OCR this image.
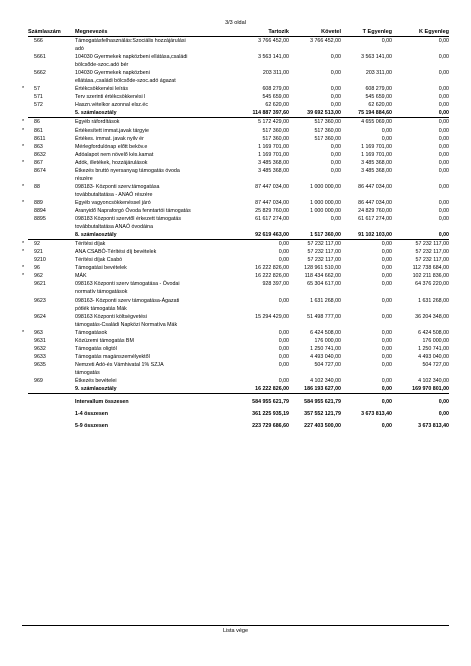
3/3 oldal
Számlaszám	Megnevezés	Tartozik	Követel	T Egyenleg	K Egyenleg
566	Támogatásfelhasználás:Szociális hozzájárulási
adó
3 766 452,00	3 766 452,00	0,00	0,00
5661	104030 Gyermekek napközbeni ellátása,családi
bölcsőde-szoc.adó bér
3 563 141,00	0,00	3 563 141,00	0,00
5662	104030 Gyermekek napközbeni
ellátása.,családi bölcsőde-szoc.adó ágazat
203 311,00	0,00	203 311,00	0,00
* 57	Értékcsökkenési leírás	608 279,00	0,00	608 279,00	0,00
571	Terv szerinti értékcsökkenési l	545 659,00	0,00	545 659,00	0,00
572	Haszn.vételkor azonnal elsz.éc	62 620,00	0,00	62 620,00	0,00
5. számlaosztály	114 887 397,60	39 692 513,00	75 194 884,60	0,00
* 86	Egyéb ráfordítások	5 172 429,00	517 360,00	4 655 069,00	0,00
* 861	Értékesített immat.javak tárgyie	517 360,00	517 360,00	0,00	0,00
8611	Értékes. immat. javak nyilv ér	517 360,00	517 360,00	0,00	0,00
* 863	Mérlegfordulónap előtt beköv.e	1 169 701,00	0,00	1 169 701,00	0,00
8632	Adóalapot nem növelő kés.kamat	1 169 701,00	0,00	1 169 701,00	0,00
* 867	Adók, illetékek, hozzájárulások	3 485 368,00	0,00	3 485 368,00	0,00
8674	Étkezés bruttó nyersanyag támogatás óvoda
részére
3 485 368,00	0,00	3 485 368,00	0,00
* 88	098183- Központi szerv.támogatása
továbbutaltatása - ANAÓ részére
87 447 034,00	1 000 000,00	86 447 034,00	0,00
* 889	Egyéb vagyoncsökkenéssel járó	87 447 034,00	1 000 000,00	86 447 034,00	0,00
8894	Aranyidő Napraforgó Óvoda fenntartói támogatás	25 829 760,00	1 000 000,00	24 829 760,00	0,00
8895	098183 Központi szervtől érkezett támogatás
továbbutaltatása ANAÓ óvodáina
61 617 274,00	0,00	61 617 274,00	0,00
8. számlaosztály	92 619 463,00	1 517 360,00	91 102 103,00	0,00
* 92	Térítési díjak	0,00	57 232 117,00	0,00	57 232 117,00
* 921	ANA CSABÓ-Térítési díj bevételek	0,00	57 232 117,00	0,00	57 232 117,00
9210	Térítési díjak Csabó	0,00	57 232 117,00	0,00	57 232 117,00
* 96	Támogatási bevételek	16 222 826,00	128 961 510,00	0,00	112 738 684,00
* 962	MÁK	16 222 826,00	118 434 662,00	0,00	102 211 836,00
9621	098163 Központi szerv támogatása - Óvodai
normatív támogatások
928 397,00	65 304 617,00	0,00	64 376 220,00
9623	098163- Központi szerv támogatása-Ágazati
pótlék támogatás Mák
0,00	1 631 268,00	0,00	1 631 268,00
9624	098163 Központi költségvetési
támogatás-Családi Napközi Normatíva Mák
15 294 429,00	51 498 777,00	0,00	36 204 348,00
* 963	Támogatások	0,00	6 424 508,00	0,00	6 424 508,00
9631	Közüzemi támogatás BM	0,00	176 000,00	0,00	176 000,00
9632	Támogatás oligtól	0,00	1 250 741,00	0,00	1 250 741,00
9633	Támogatás magánszemélyektől	0,00	4 493 040,00	0,00	4 493 040,00
9635	Nemzeti Adó-és Vámhivatal 1% SZJA
támogatás
0,00	504 727,00	0,00	504 727,00
969	Étkezés bevételei	0,00	4 102 340,00	0,00	4 102 340,00
9. számlaosztály	16 222 826,00	186 193 627,00	0,00	169 970 801,00
Intervallum összesen	584 955 621,79	584 955 621,79	0,00	0,00
1-4 összesen	361 225 935,19	357 552 121,79	3 673 813,40	0,00
5-9 összesen	223 729 686,60	227 403 500,00	0,00	3 673 813,40
Lista vége
